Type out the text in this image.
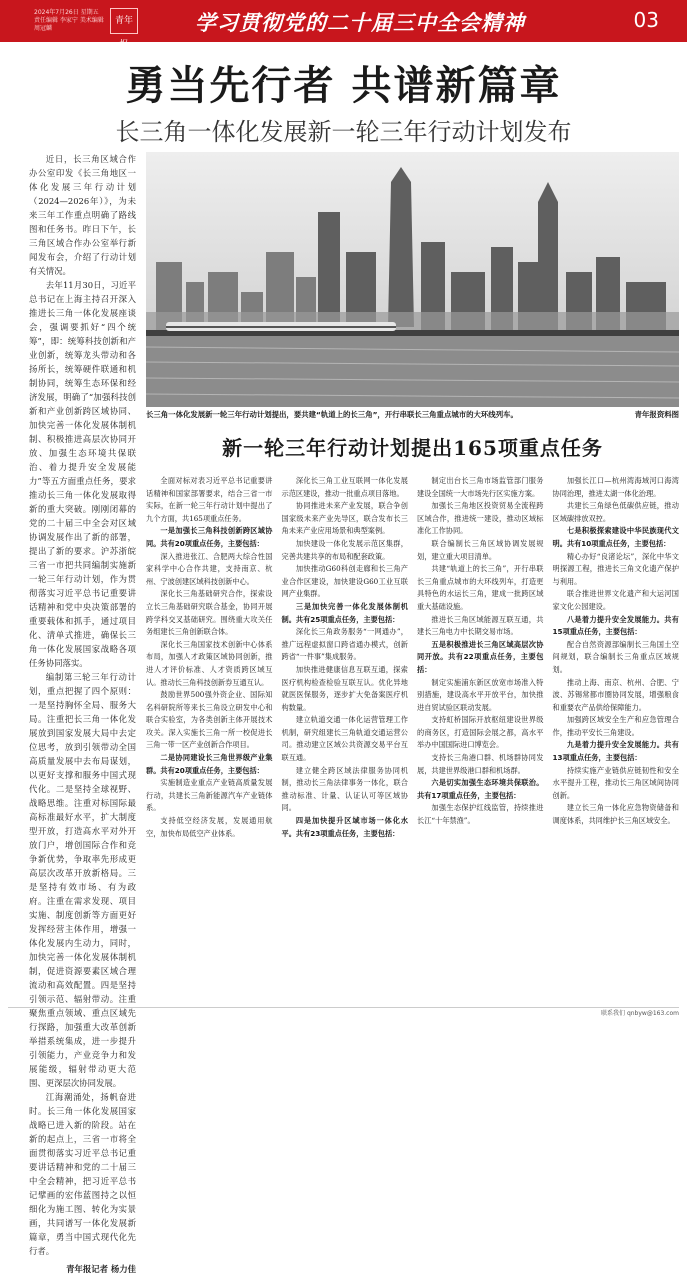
2024年7月26日 星期五
责任编辑 李家宁 美术编辑 周冠麟
青年报
学习贯彻党的二十届三中全会精神	03
勇当先行者 共谱新篇章
长三角一体化发展新一轮三年行动计划发布

近日，长三角区域合作办公室印发《长三角地区一体化发展三年行动计划（2024—2026年）》，为未来三年工作重点明确了路线图和任务书。昨日下午，长三角区域合作办公室举行新闻发布会，介绍了行动计划有关情况。

去年11月30日，习近平总书记在上海主持召开深入推进长三角一体化发展座谈会，强调要抓好“四个统筹”，即：统筹科技创新和产业创新，统筹龙头带动和各扬所长，统筹硬件联通和机制协同，统筹生态环保和经济发展，明确了“加强科技创新和产业创新跨区域协同、加快完善一体化发展体制机制、积极推进高层次协同开放、加强生态环境共保联治、着力提升安全发展能力”等五方面重点任务，要求推动长三角一体化发展取得新的重大突破。刚刚闭幕的党的二十届三中全会对区域协调发展作出了新的部署，提出了新的要求。沪苏浙皖三省一市把共同编制实施新一轮三年行动计划，作为贯彻落实习近平总书记重要讲话精神和党中央决策部署的重要载体和抓手，通过项目化、清单式推进，确保长三角一体化发展国家战略各项任务协同落实。

编制第三轮三年行动计划，重点把握了四个原则：一是坚持胸怀全局、服务大局。注重把长三角一体化发展放到国家发展大局中去定位思考，放到引领带动全国高质量发展中去布局谋划，以更好支撑和服务中国式现代化。二是坚持全球视野、战略思维。注重对标国际最高标准最好水平，扩大制度型开放，打造高水平对外开放门户，增创国际合作和竞争新优势，争取率先形成更高层次改革开放新格局。三是坚持有效市场、有为政府。注重在需求发现、项目实施、制度创新等方面更好发挥经营主体作用，增强一体化发展内生动力，同时，加快完善一体化发展体制机制，促进资源要素区域合理流动和高效配置。四是坚持引领示范、辐射带动。注重聚焦重点领域、重点区域先行探路，加强重大改革创新举措系统集成，进一步提升引领能力，产业竞争力和发展能级，辐射带动更大范围、更深层次协同发展。

江海潮涌处，扬帆奋进时。长三角一体化发展国家战略已进入新的阶段。站在新的起点上，三省一市将全面贯彻落实习近平总书记重要讲话精神和党的二十届三中全会精神，把习近平总书记擘画的宏伟蓝图持之以恒细化为施工图、转化为实景画，共同谱写一体化发展新篇章，勇当中国式现代化先行者。

青年报记者 杨力佳
青年报资料图
长三角一体化发展新一轮三年行动计划提出，要共建“轨道上的长三角”，开行串联长三角重点城市的大环线列车。
新一轮三年行动计划提出165项重点任务

全面对标对表习近平总书记重要讲话精神和国家部署要求，结合三省一市实际，在新一轮三年行动计划中提出了九个方面，共165项重点任务。

一是加强长三角科技创新跨区域协同。共有20项重点任务，主要包括：

深入推进张江、合肥两大综合性国家科学中心合作共建，支持南京、杭州、宁波创建区域科技创新中心。

深化长三角基础研究合作，探索设立长三角基础研究联合基金，协同开展跨学科交叉基础研究。围绕重大攻关任务组建长三角创新联合体。

深化长三角国家技术创新中心体系布局，加强人才政策区域协同创新，推进人才评价标准、人才资质跨区域互认。推动长三角科技创新券互通互认。

鼓励世界500强外资企业、国际知名科研院所等来长三角设立研发中心和联合实验室，为各类创新主体开展技术攻关。深入实施长三角一所一校促进长三角一带一区产业创新合作项目。

二是协同建设长三角世界级产业集群。共有20项重点任务，主要包括：

实施制造业重点产业链高质量发展行动，共建长三角新能源汽车产业链体系。

支持低空经济发展，发展通用航空，加快布局低空产业体系。

深化长三角工业互联网一体化发展示范区建设，推动一批重点项目落地。

协同推进未来产业发展，联合争创国家级未来产业先导区，联合发布长三角未来产业应用场景和典型案例。

加快建设一体化发展示范区集群，完善共建共享的布局和配套政策。

加快推动G60科创走廊和长三角产业合作区建设，加快建设G60工业互联网产业集群。

三是加快完善一体化发展体制机制。共有25项重点任务，主要包括：

深化长三角政务服务“一网通办”，推广远程虚拟窗口跨省通办模式，创新跨省“一件事”集成服务。

加快推进健康信息互联互通，探索医疗机构检查检验互联互认。优化异地就医医保服务，逐步扩大免备案医疗机构数量。

建立轨道交通一体化运营管理工作机制，研究组建长三角轨道交通运营公司。推动建立区域公共资源交易平台互联互通。

建立健全跨区域法律服务协同机制，推动长三角法律事务一体化，联合推动标准、计量、认证认可等区域协同。

四是加快提升区域市场一体化水平。共有23项重点任务，主要包括：

制定出台长三角市场监管部门服务建设全国统一大市场先行区实施方案。

加强长三角地区投资贸易全流程跨区域合作，推进统一建设，推动区域标准化工作协同。

联合编制长三角区域协调发展规划，建立重大项目清单。

共建“轨道上的长三角”，开行串联长三角重点城市的大环线列车，打造更具特色的水运长三角，建成一批跨区域重大基础设施。

推进长三角区域能源互联互通，共建长三角电力中长期交易市场。

五是积极推进长三角区域高层次协同开放。共有22项重点任务，主要包括：

制定实施浦东新区放宽市场准入特别措施，建设高水平开放平台，加快推进自贸试验区联动发展。

支持虹桥国际开放枢纽建设世界级的商务区，打造国际会展之都，高水平举办中国国际进口博览会。

支持长三角港口群、机场群协同发展，共建世界级港口群和机场群。

六是切实加强生态环境共保联治。共有17项重点任务，主要包括：

加强生态保护红线监管，持续推进长江“十年禁渔”。

加强长江口—杭州湾海域河口海湾协同治理，推进太湖一体化治理。

共建长三角绿色低碳供应链，推动区域碳排放双控。

七是积极探索建设中华民族现代文明。共有10项重点任务，主要包括：

精心办好“良渚论坛”，深化中华文明探源工程，推进长三角文化遗产保护与利用。

联合推进世界文化遗产和大运河国家文化公园建设。

八是着力提升安全发展能力。共有15项重点任务，主要包括：

配合自然资源部编制长三角国土空间规划，联合编制长三角重点区域规划。

推动上海、南京、杭州、合肥、宁波、苏锡常都市圈协同发展，增强粮食和重要农产品供给保障能力。

加强跨区域安全生产和应急管理合作，推动平安长三角建设。

九是着力提升安全发展能力。共有13项重点任务，主要包括：

持续实施产业链供应链韧性和安全水平提升工程，推动长三角区域间协同创新。

建立长三角一体化应急物资储备和调度体系，共同维护长三角区域安全。

联系我们 qnbyw@163.com
